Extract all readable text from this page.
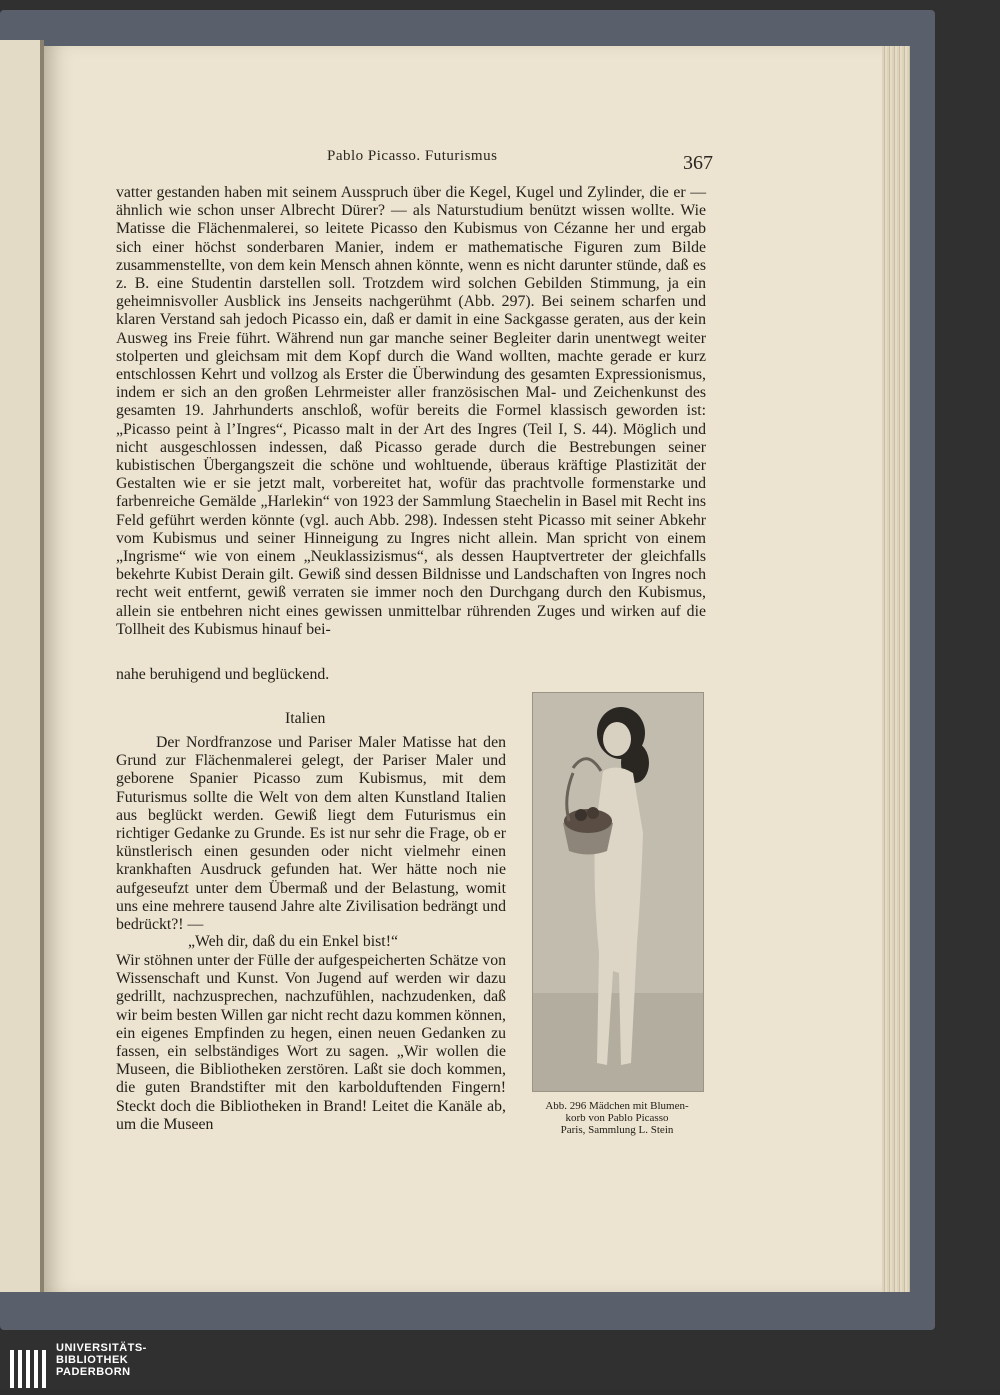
Pablo Picasso. Futurismus	367
vatter gestanden haben mit seinem Ausspruch über die Kegel, Kugel und Zylinder, die er — ähnlich wie schon unser Albrecht Dürer? — als Naturstudium benützt wissen wollte. Wie Matisse die Flächenmalerei, so leitete Picasso den Kubismus von Cézanne her und ergab sich einer höchst sonderbaren Manier, indem er mathematische Figuren zum Bilde zusammenstellte, von dem kein Mensch ahnen könnte, wenn es nicht darunter stünde, daß es z. B. eine Studentin darstellen soll. Trotzdem wird solchen Gebilden Stimmung, ja ein geheimnisvoller Ausblick ins Jenseits nachgerühmt (Abb. 297). Bei seinem scharfen und klaren Verstand sah jedoch Picasso ein, daß er damit in eine Sackgasse geraten, aus der kein Ausweg ins Freie führt. Während nun gar manche seiner Begleiter darin unentwegt weiter stolperten und gleichsam mit dem Kopf durch die Wand wollten, machte gerade er kurz entschlossen Kehrt und vollzog als Erster die Überwindung des gesamten Expressionismus, indem er sich an den großen Lehrmeister aller französischen Mal- und Zeichenkunst des gesamten 19. Jahrhunderts anschloß, wofür bereits die Formel klassisch geworden ist: „Picasso peint à l’Ingres“, Picasso malt in der Art des Ingres (Teil I, S. 44). Möglich und nicht ausgeschlossen indessen, daß Picasso gerade durch die Bestrebungen seiner kubistischen Übergangszeit die schöne und wohltuende, überaus kräftige Plastizität der Gestalten wie er sie jetzt malt, vorbereitet hat, wofür das prachtvolle formenstarke und farbenreiche Gemälde „Harlekin“ von 1923 der Sammlung Staechelin in Basel mit Recht ins Feld geführt werden könnte (vgl. auch Abb. 298). Indessen steht Picasso mit seiner Abkehr vom Kubismus und seiner Hinneigung zu Ingres nicht allein. Man spricht von einem „Ingrisme“ wie von einem „Neuklassizismus“, als dessen Hauptvertreter der gleichfalls bekehrte Kubist Derain gilt. Gewiß sind dessen Bildnisse und Landschaften von Ingres noch recht weit entfernt, gewiß verraten sie immer noch den Durchgang durch den Kubismus, allein sie entbehren nicht eines gewissen unmittelbar rührenden Zuges und wirken auf die Tollheit des Kubismus hinauf bei-
nahe beruhigend und beglückend.
Italien
Der Nordfranzose und Pariser Maler Matisse hat den Grund zur Flächenmalerei gelegt, der Pariser Maler und geborene Spanier Picasso zum Kubismus, mit dem Futurismus sollte die Welt von dem alten Kunstland Italien aus beglückt werden. Gewiß liegt dem Futurismus ein richtiger Gedanke zu Grunde. Es ist nur sehr die Frage, ob er künstlerisch einen gesunden oder nicht vielmehr einen krankhaften Ausdruck gefunden hat. Wer hätte noch nie aufgeseufzt unter dem Übermaß und der Belastung, womit uns eine mehrere tausend Jahre alte Zivilisation bedrängt und bedrückt?! —
„Weh dir, daß du ein Enkel bist!“
Wir stöhnen unter der Fülle der aufgespeicherten Schätze von Wissenschaft und Kunst. Von Jugend auf werden wir dazu gedrillt, nachzusprechen, nachzufühlen, nachzudenken, daß wir beim besten Willen gar nicht recht dazu kommen können, ein eigenes Empfinden zu hegen, einen neuen Gedanken zu fassen, ein selbständiges Wort zu sagen. „Wir wollen die Museen, die Bibliotheken zerstören. Laßt sie doch kommen, die guten Brandstifter mit den karbolduftenden Fingern! Steckt doch die Bibliotheken in Brand! Leitet die Kanäle ab, um die Museen
Abb. 296 Mädchen mit Blumen-
korb von Pablo Picasso
Paris, Sammlung L. Stein
UNIVERSITÄTS-
BIBLIOTHEK
PADERBORN
